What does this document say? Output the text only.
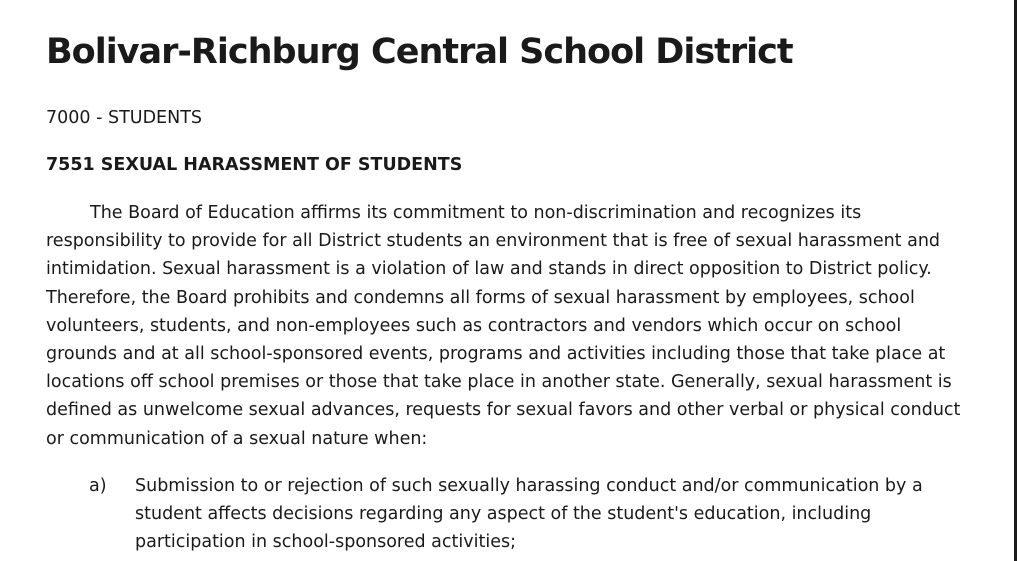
Bolivar-Richburg Central School District
7000 - STUDENTS
7551 SEXUAL HARASSMENT OF STUDENTS

The Board of Education affirms its commitment to non-discrimination and recognizes its
responsibility to provide for all District students an environment that is free of sexual harassment and
intimidation. Sexual harassment is a violation of law and stands in direct opposition to District policy.
Therefore, the Board prohibits and condemns all forms of sexual harassment by employees, school
volunteers, students, and non-employees such as contractors and vendors which occur on school
grounds and at all school-sponsored events, programs and activities including those that take place at
locations off school premises or those that take place in another state. Generally, sexual harassment is
defined as unwelcome sexual advances, requests for sexual favors and other verbal or physical conduct
or communication of a sexual nature when:

a) Submission to or rejection of such sexually harassing conduct and/or communication by a
student affects decisions regarding any aspect of the student's education, including
participation in school-sponsored activities;
